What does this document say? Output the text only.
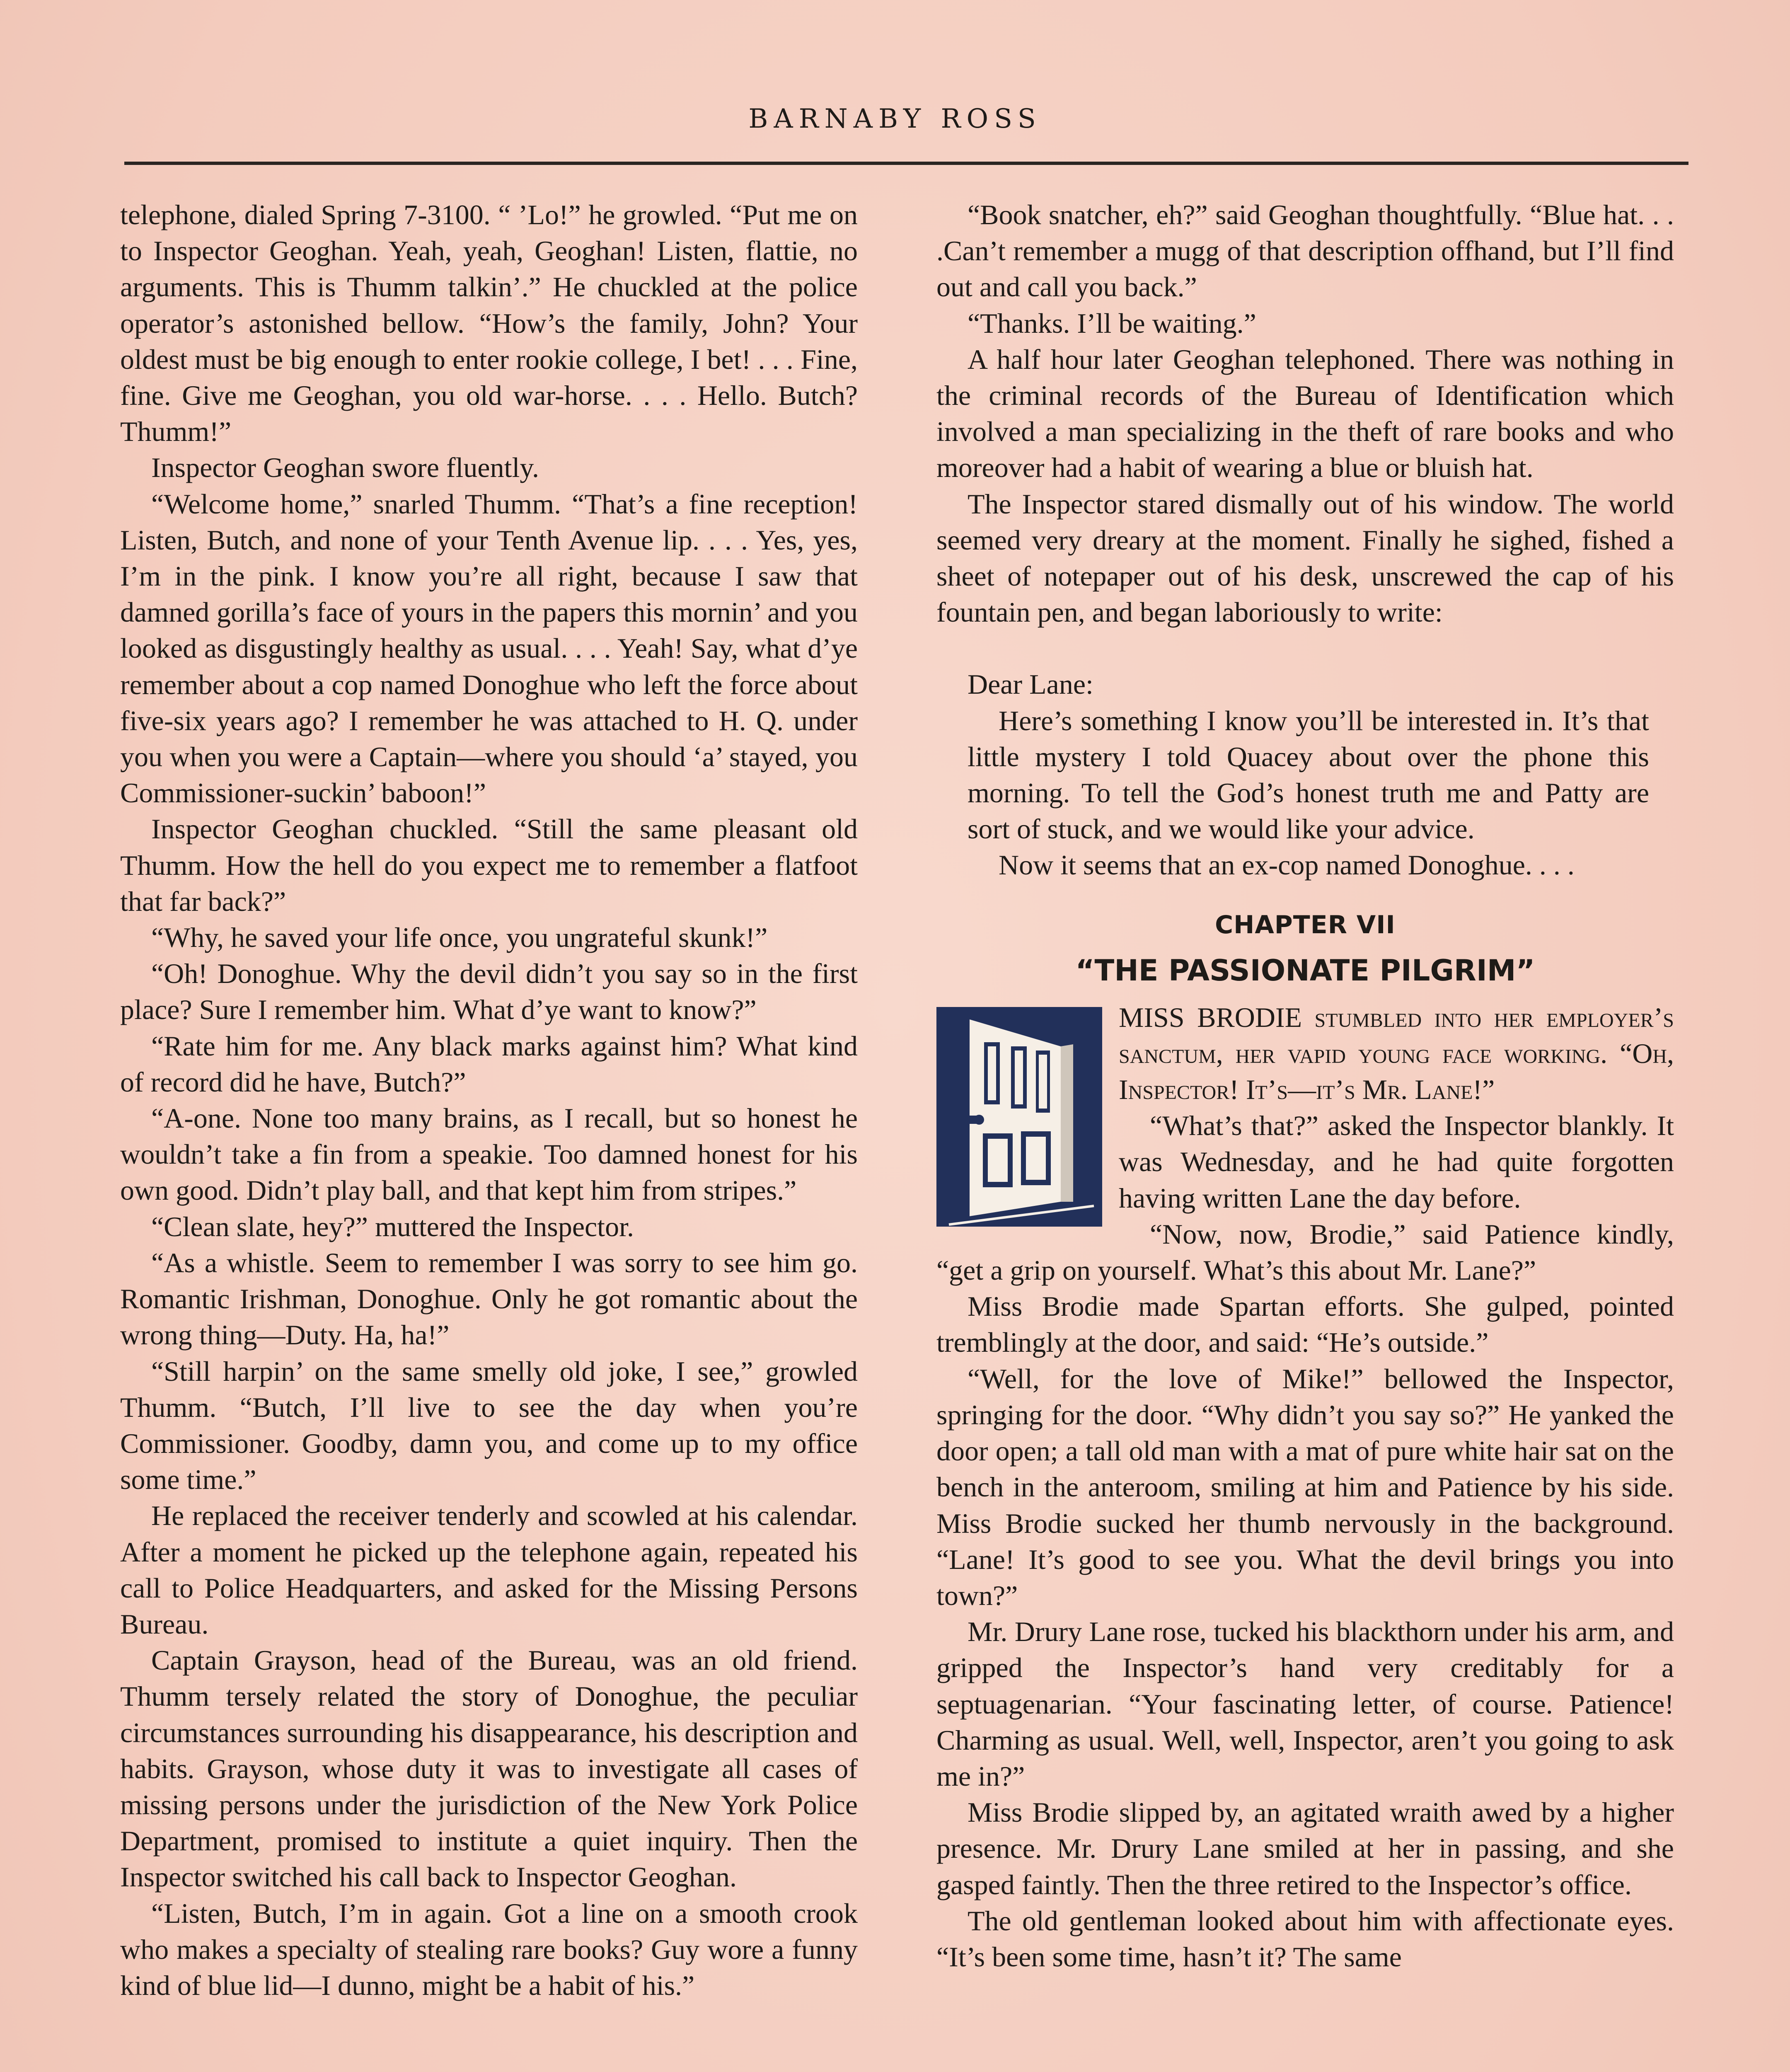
BARNABY ROSS

telephone, dialed Spring 7-3100. “ ’Lo!” he growled. “Put me on to Inspector Geoghan. Yeah, yeah, Geoghan! Listen, flattie, no arguments. This is Thumm talkin’.” He chuckled at the police operator’s astonished bellow. “How’s the family, John? Your oldest must be big enough to enter rookie college, I bet! . . . Fine, fine. Give me Geoghan, you old war-horse. . . . Hello. Butch? Thumm!”

Inspector Geoghan swore fluently.

“Welcome home,” snarled Thumm. “That’s a fine reception! Listen, Butch, and none of your Tenth Avenue lip. . . . Yes, yes, I’m in the pink. I know you’re all right, because I saw that damned gorilla’s face of yours in the papers this mornin’ and you looked as disgustingly healthy as usual. . . . Yeah! Say, what d’ye remember about a cop named Donoghue who left the force about five-six years ago? I remember he was attached to H. Q. under you when you were a Captain—where you should ‘a’ stayed, you Commissioner-suckin’ baboon!”

Inspector Geoghan chuckled. “Still the same pleasant old Thumm. How the hell do you expect me to remember a flatfoot that far back?”

“Why, he saved your life once, you ungrateful skunk!”

“Oh! Donoghue. Why the devil didn’t you say so in the first place? Sure I remember him. What d’ye want to know?”

“Rate him for me. Any black marks against him? What kind of record did he have, Butch?”

“A-one. None too many brains, as I recall, but so honest he wouldn’t take a fin from a speakie. Too damned honest for his own good. Didn’t play ball, and that kept him from stripes.”

“Clean slate, hey?” muttered the Inspector.

“As a whistle. Seem to remember I was sorry to see him go. Romantic Irishman, Donoghue. Only he got romantic about the wrong thing—Duty. Ha, ha!”

“Still harpin’ on the same smelly old joke, I see,” growled Thumm. “Butch, I’ll live to see the day when you’re Commissioner. Goodby, damn you, and come up to my office some time.”

He replaced the receiver tenderly and scowled at his calendar. After a moment he picked up the telephone again, repeated his call to Police Headquarters, and asked for the Missing Persons Bureau.

Captain Grayson, head of the Bureau, was an old friend. Thumm tersely related the story of Donoghue, the peculiar circumstances surrounding his disappearance, his description and habits. Grayson, whose duty it was to investigate all cases of missing persons under the jurisdiction of the New York Police Department, promised to institute a quiet inquiry. Then the Inspector switched his call back to Inspector Geoghan.

“Listen, Butch, I’m in again. Got a line on a smooth crook who makes a specialty of stealing rare books? Guy wore a funny kind of blue lid—I dunno, might be a habit of his.”

“Book snatcher, eh?” said Geoghan thoughtfully. “Blue hat. . . .Can’t remember a mugg of that description offhand, but I’ll find out and call you back.”

“Thanks. I’ll be waiting.”

A half hour later Geoghan telephoned. There was nothing in the criminal records of the Bureau of Identification which involved a man specializing in the theft of rare books and who moreover had a habit of wearing a blue or bluish hat.

The Inspector stared dismally out of his window. The world seemed very dreary at the moment. Finally he sighed, fished a sheet of notepaper out of his desk, unscrewed the cap of his fountain pen, and began laboriously to write:

Dear Lane:

Here’s something I know you’ll be interested in. It’s that little mystery I told Quacey about over the phone this morning. To tell the God’s honest truth me and Patty are sort of stuck, and we would like your advice.

Now it seems that an ex-cop named Donoghue. . . .

CHAPTER VII
“THE PASSIONATE PILGRIM”

MISS BRODIE stumbled into her employer’s sanctum, her vapid young face working. “Oh, Inspector! It’s—it’s Mr. Lane!”

“What’s that?” asked the Inspector blankly. It was Wednesday, and he had quite forgotten having written Lane the day before.

“Now, now, Brodie,” said Patience kindly, “get a grip on yourself. What’s this about Mr. Lane?”

Miss Brodie made Spartan efforts. She gulped, pointed tremblingly at the door, and said: “He’s outside.”

“Well, for the love of Mike!” bellowed the Inspector, springing for the door. “Why didn’t you say so?” He yanked the door open; a tall old man with a mat of pure white hair sat on the bench in the anteroom, smiling at him and Patience by his side. Miss Brodie sucked her thumb nervously in the background. “Lane! It’s good to see you. What the devil brings you into town?”

Mr. Drury Lane rose, tucked his blackthorn under his arm, and gripped the Inspector’s hand very creditably for a septuagenarian. “Your fascinating letter, of course. Patience! Charming as usual. Well, well, Inspector, aren’t you going to ask me in?”

Miss Brodie slipped by, an agitated wraith awed by a higher presence. Mr. Drury Lane smiled at her in passing, and she gasped faintly. Then the three retired to the Inspector’s office.

The old gentleman looked about him with affectionate eyes. “It’s been some time, hasn’t it? The same
